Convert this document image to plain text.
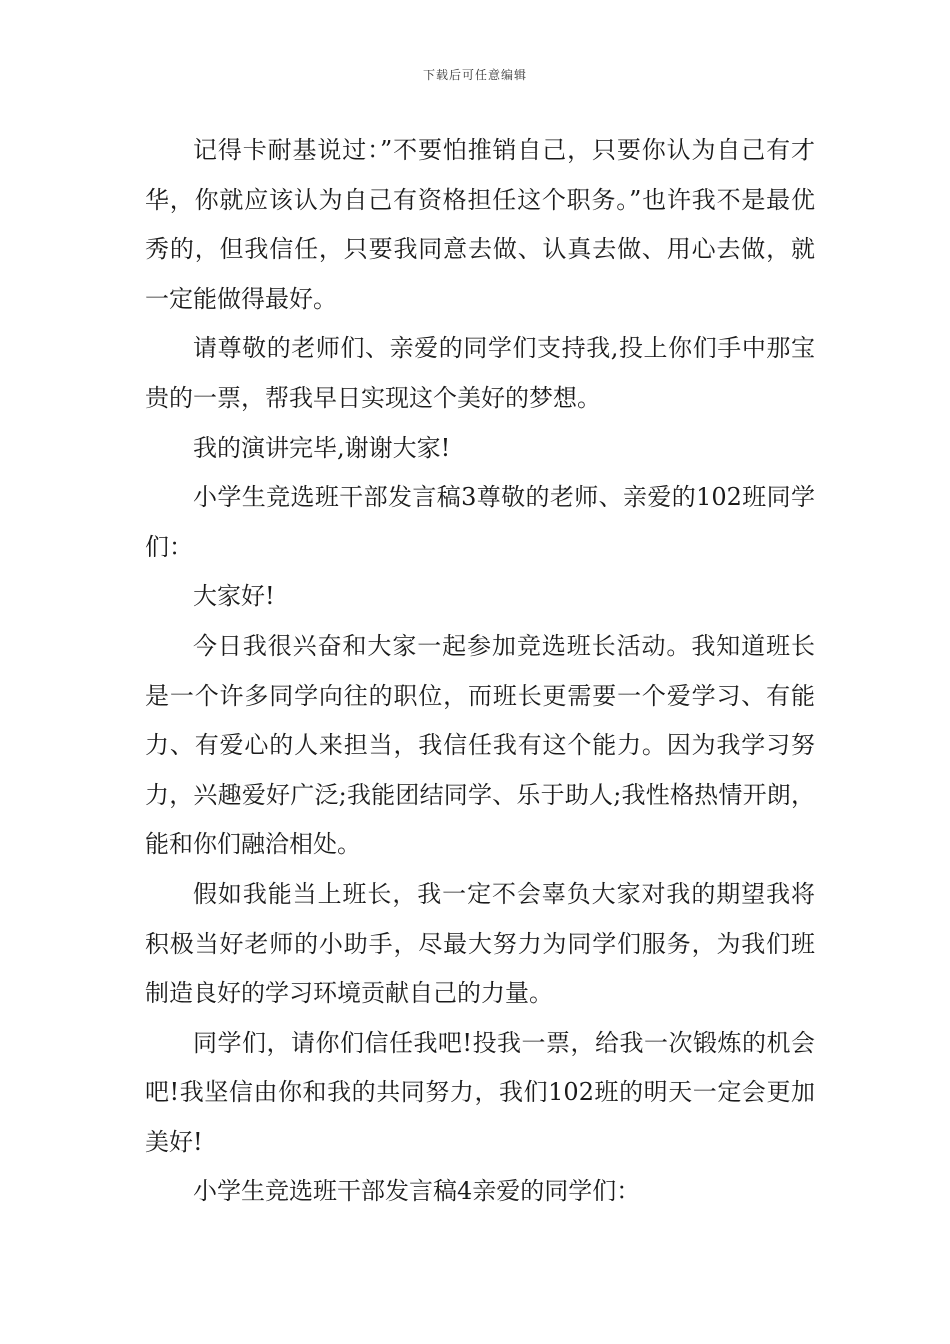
下载后可任意编辑

记得卡耐基说过：”不要怕推销自己，只要你认为自己有才华，你就应该认为自己有资格担任这个职务。”也许我不是最优秀的，但我信任，只要我同意去做、认真去做、用心去做，就一定能做得最好。

请尊敬的老师们、亲爱的同学们支持我,投上你们手中那宝贵的一票，帮我早日实现这个美好的梦想。

我的演讲完毕,谢谢大家!

小学生竞选班干部发言稿3尊敬的老师、亲爱的102班同学们：

大家好!

今日我很兴奋和大家一起参加竞选班长活动。我知道班长是一个许多同学向往的职位，而班长更需要一个爱学习、有能力、有爱心的人来担当，我信任我有这个能力。因为我学习努力，兴趣爱好广泛;我能团结同学、乐于助人;我性格热情开朗，能和你们融洽相处。

假如我能当上班长，我一定不会辜负大家对我的期望我将积极当好老师的小助手，尽最大努力为同学们服务，为我们班制造良好的学习环境贡献自己的力量。

同学们，请你们信任我吧!投我一票，给我一次锻炼的机会吧!我坚信由你和我的共同努力，我们102班的明天一定会更加美好!

小学生竞选班干部发言稿4亲爱的同学们：
